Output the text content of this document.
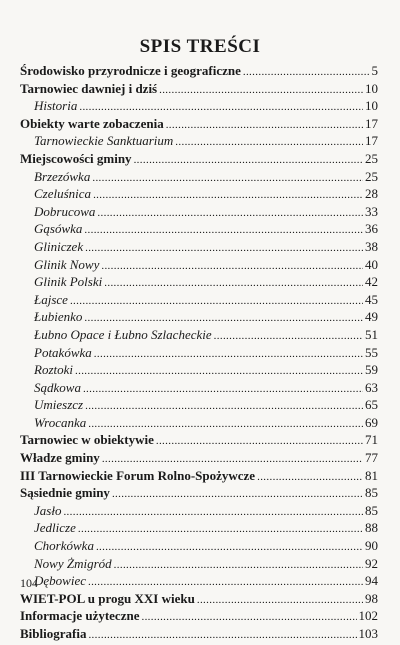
SPIS TREŚCI
Środowisko przyrodnicze i geograficzne . . .	5
Tarnowiec dawniej i dziś . . .	10
Historia . . .	10
Obiekty warte zobaczenia . . .	17
Tarnowieckie Sanktuarium . . .	17
Miejscowości gminy . . .	25
Brzezówka . . .	25
Czeluśnica . . .	28
Dobrucowa . . .	33
Gąsówka . . .	36
Gliniczek . . .	38
Glinik Nowy . . .	40
Glinik Polski . . .	42
Łajsce . . .	45
Łubienko . . .	49
Łubno Opace i Łubno Szlacheckie . . .	51
Potakówka . . .	55
Roztoki . . .	59
Sądkowa . . .	63
Umieszcz . . .	65
Wrocanka . . .	69
Tarnowiec w obiektywie . . .	71
Władze gminy . . .	77
III Tarnowieckie Forum Rolno-Spożywcze . . .	81
Sąsiednie gminy . . .	85
Jasło . . .	85
Jedlicze . . .	88
Chorkówka . . .	90
Nowy Żmigród . . .	92
Dębowiec . . .	94
WIET-POL u progu XXI wieku . . .	98
Informacje użyteczne . . .	102
Bibliografia . . .	103
104
